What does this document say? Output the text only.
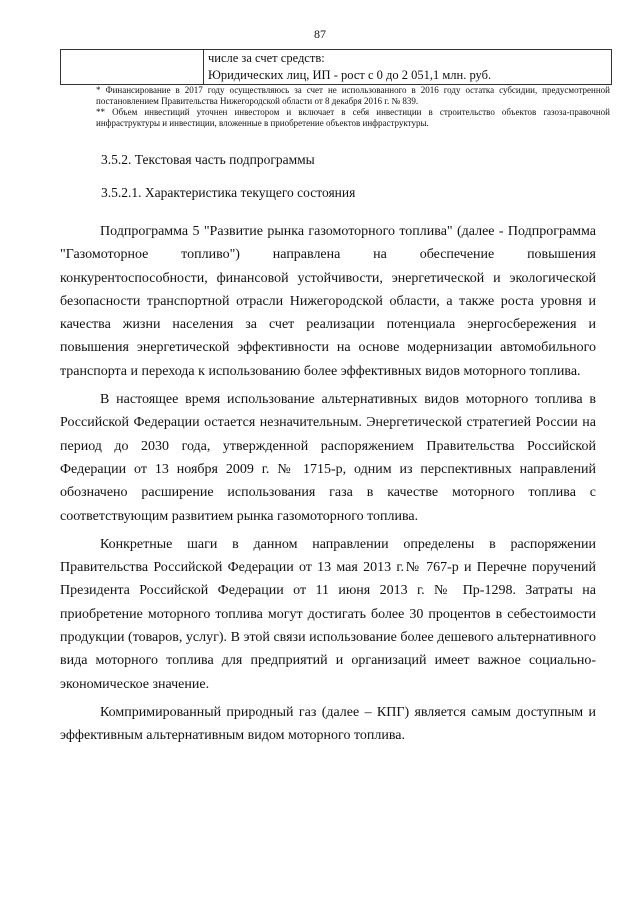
87

числе за счет средств:
Юридических лиц, ИП - рост с 0 до 2 051,1 млн. руб.

* Финансирование в 2017 году осуществляюсь за счет не использованного в 2016 году остатка субсидии, предусмотренной постановлением Правительства Нижегородской области от 8 декабря 2016 г. № 839.

** Объем инвестиций уточнен инвестором и включает в себя инвестиции в строительство объектов газоза-правочной инфраструктуры и инвестиции, вложенные в приобретение объектов инфраструктуры.

3.5.2. Текстовая часть подпрограммы
3.5.2.1. Характеристика текущего состояния

Подпрограмма 5 "Развитие рынка газомоторного топлива" (далее - Подпрограмма "Газомоторное топливо") направлена на обеспечение повышения конкурентоспособности, финансовой устойчивости, энергетической и экологической безопасности транспортной отрасли Нижегородской области, а также роста уровня и качества жизни населения за счет реализации потенциала энергосбережения и повышения энергетической эффективности на основе модернизации автомобильного транспорта и перехода к использованию более эффективных видов моторного топлива.

В настоящее время использование альтернативных видов моторного топлива в Российской Федерации остается незначительным. Энергетической стратегией России на период до 2030 года, утвержденной распоряжением Правительства Российской Федерации от 13 ноября 2009 г. № 1715-р, одним из перспективных направлений обозначено расширение использования газа в качестве моторного топлива с соответствующим развитием рынка газомоторного топлива.

Конкретные шаги в данном направлении определены в распоряжении Правительства Российской Федерации от 13 мая 2013 г.№ 767-р и Перечне поручений Президента Российской Федерации от 11 июня 2013 г. № Пр-1298. Затраты на приобретение моторного топлива могут достигать более 30 процентов в себестоимости продукции (товаров, услуг). В этой связи использование более дешевого альтернативного вида моторного топлива для предприятий и организаций имеет важное социально-экономическое значение.

Компримированный природный газ (далее – КПГ) является самым доступным и эффективным альтернативным видом моторного топлива.
